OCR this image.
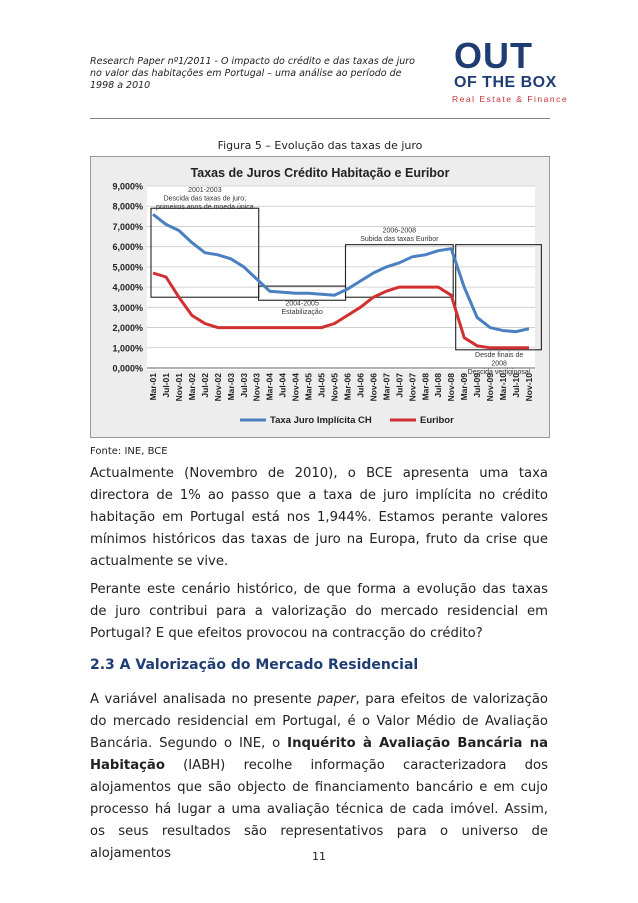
Research Paper nº1/2011 - O impacto do crédito e das taxas de juro
no valor das habitações em Portugal – uma análise ao período de
1998 a 2010
OUT
OF THE BOX
Real Estate & Finance
Figura 5 – Evolução das taxas de juro
Taxas de Juros Crédito Habitação e Euribor
0,000%
1,000%
2,000%
3,000%
4,000%
5,000%
6,000%
7,000%
8,000%
9,000%
Mar-01 Jul-01 Nov-01 Mar-02 Jul-02 Nov-02 Mar-03 Jul-03 Nov-03 Mar-04 Jul-04 Nov-04 Mar-05 Jul-05 Nov-05 Mar-06 Jul-06 Nov-06 Mar-07 Jul-07 Nov-07 Mar-08 Jul-08 Nov-08 Mar-09 Jul-09 Nov-09 Mar-10 Jul-10 Nov-10
2001-2003
Descida das taxas de juro;
primeiros anos de moeda única
2004-2005
Estabilização
2006-2008
Subida das taxas Euribor
Desde finais de
2008
Descida vertiginosa!
Taxa Juro Implícita CH	Euribor
Fonte: INE, BCE
Actualmente (Novembro de 2010), o BCE apresenta uma taxa directora de 1% ao passo que a taxa de juro implícita no crédito habitação em Portugal está nos 1,944%. Estamos perante valores mínimos históricos das taxas de juro na Europa, fruto da crise que actualmente se vive.
Perante este cenário histórico, de que forma a evolução das taxas de juro contribui para a valorização do mercado residencial em Portugal? E que efeitos provocou na contracção do crédito?
2.3 A Valorização do Mercado Residencial
A variável analisada no presente paper, para efeitos de valorização do mercado residencial em Portugal, é o Valor Médio de Avaliação Bancária. Segundo o INE, o Inquérito à Avaliação Bancária na Habitação (IABH) recolhe informação caracterizadora dos alojamentos que são objecto de financiamento bancário e em cujo processo há lugar a uma avaliação técnica de cada imóvel. Assim, os seus resultados são representativos para o universo de alojamentos	11
